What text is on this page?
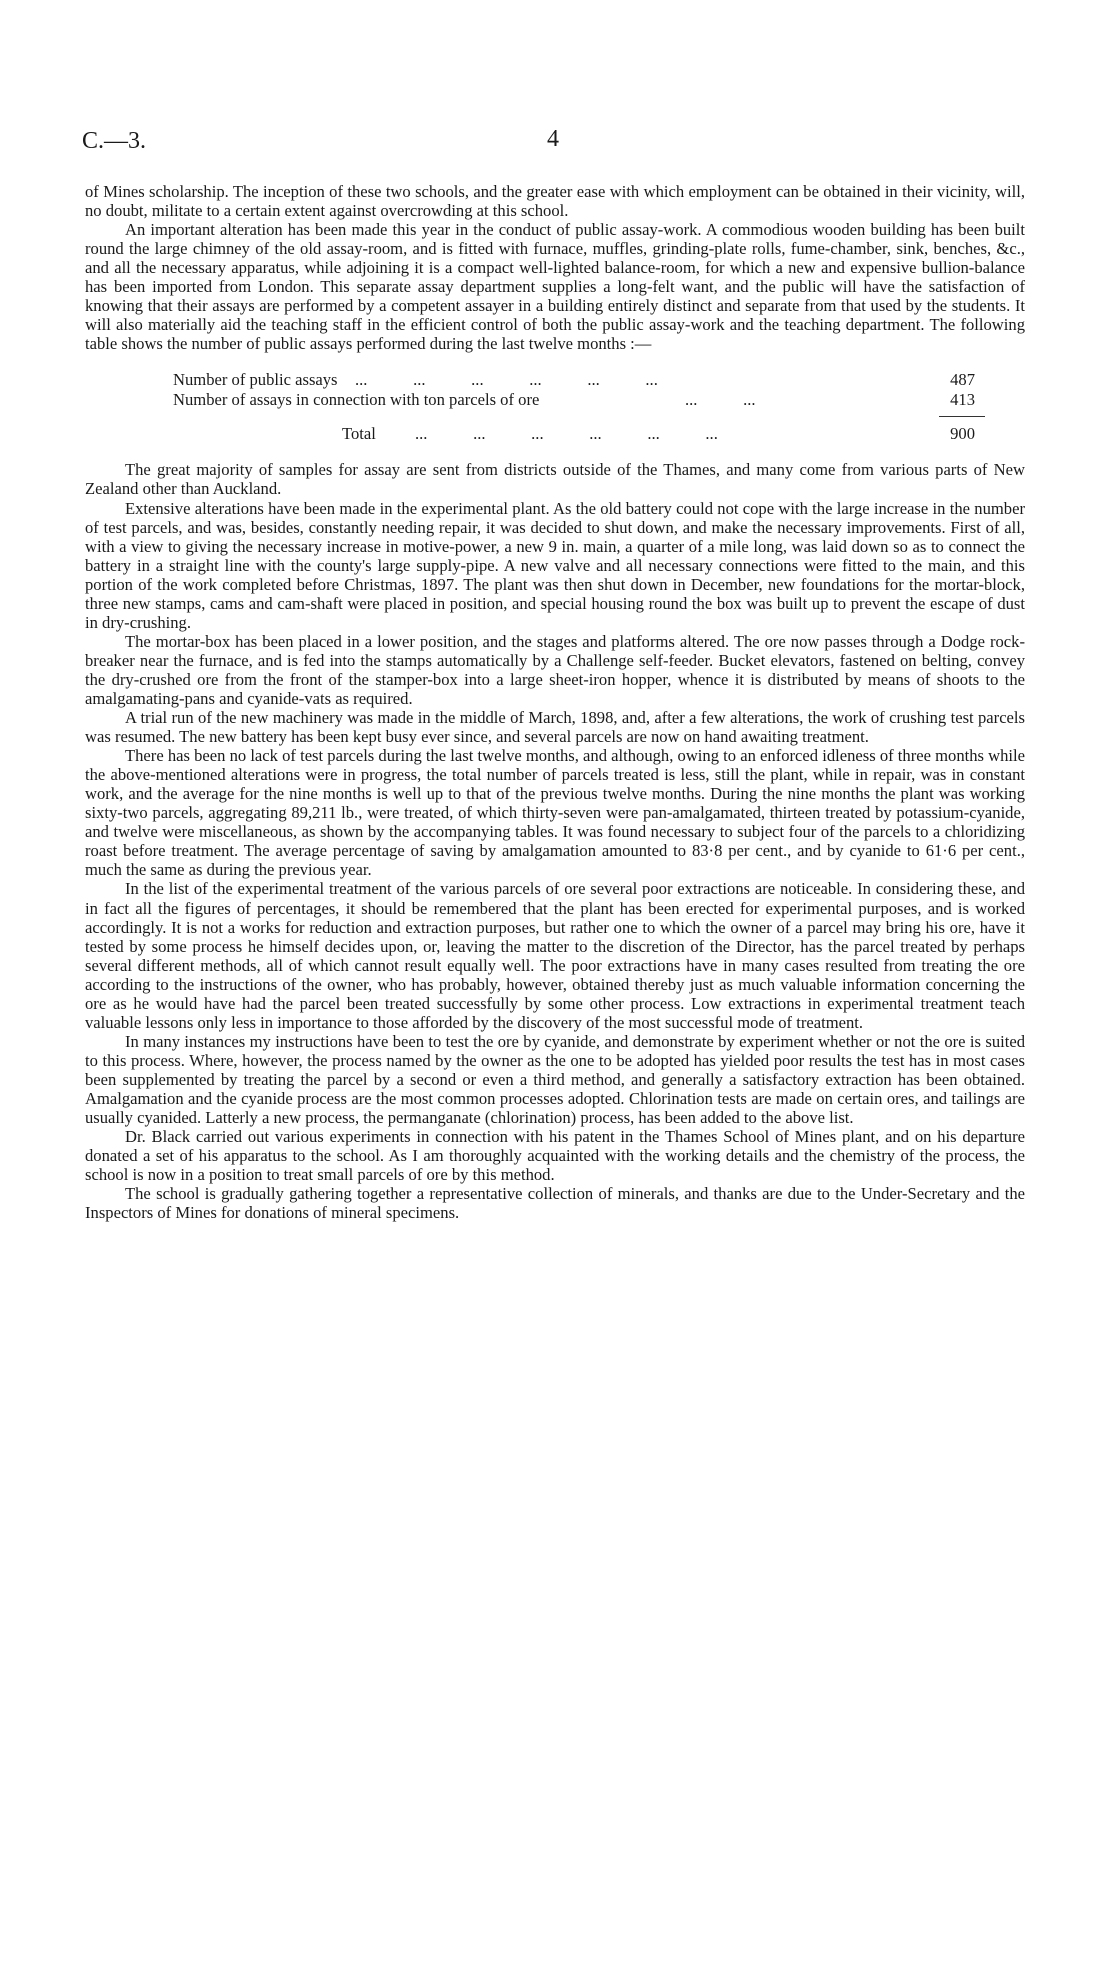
C.—3.	4

of Mines scholarship. The inception of these two schools, and the greater ease with which employment can be obtained in their vicinity, will, no doubt, militate to a certain extent against overcrowding at this school.

An important alteration has been made this year in the conduct of public assay-work. A commodious wooden building has been built round the large chimney of the old assay-room, and is fitted with furnace, muffles, grinding-plate rolls, fume-chamber, sink, benches, &c., and all the necessary apparatus, while adjoining it is a compact well-lighted balance-room, for which a new and expensive bullion-balance has been imported from London. This separate assay department supplies a long-felt want, and the public will have the satisfaction of knowing that their assays are performed by a competent assayer in a building entirely distinct and separate from that used by the students. It will also materially aid the teaching staff in the efficient control of both the public assay-work and the teaching department. The following table shows the number of public assays performed during the last twelve months :—

Number of public assays ...           ...           ...           ...           ...           ...	487
Number of assays in connection with ton parcels of ore	...           ...	413
Total ...           ...           ...           ...           ...           ...	900

The great majority of samples for assay are sent from districts outside of the Thames, and many come from various parts of New Zealand other than Auckland.

Extensive alterations have been made in the experimental plant. As the old battery could not cope with the large increase in the number of test parcels, and was, besides, constantly needing repair, it was decided to shut down, and make the necessary improvements. First of all, with a view to giving the necessary increase in motive-power, a new 9 in. main, a quarter of a mile long, was laid down so as to connect the battery in a straight line with the county's large supply-pipe. A new valve and all necessary connections were fitted to the main, and this portion of the work completed before Christmas, 1897. The plant was then shut down in December, new foundations for the mortar-block, three new stamps, cams and cam-shaft were placed in position, and special housing round the box was built up to prevent the escape of dust in dry-crushing.

The mortar-box has been placed in a lower position, and the stages and platforms altered. The ore now passes through a Dodge rock-breaker near the furnace, and is fed into the stamps automatically by a Challenge self-feeder. Bucket elevators, fastened on belting, convey the dry-crushed ore from the front of the stamper-box into a large sheet-iron hopper, whence it is distributed by means of shoots to the amalgamating-pans and cyanide-vats as required.

A trial run of the new machinery was made in the middle of March, 1898, and, after a few alterations, the work of crushing test parcels was resumed. The new battery has been kept busy ever since, and several parcels are now on hand awaiting treatment.

There has been no lack of test parcels during the last twelve months, and although, owing to an enforced idleness of three months while the above-mentioned alterations were in progress, the total number of parcels treated is less, still the plant, while in repair, was in constant work, and the average for the nine months is well up to that of the previous twelve months. During the nine months the plant was working sixty-two parcels, aggregating 89,211 lb., were treated, of which thirty-seven were pan-amalgamated, thirteen treated by potassium-cyanide, and twelve were miscellaneous, as shown by the accompanying tables. It was found necessary to subject four of the parcels to a chloridizing roast before treatment. The average percentage of saving by amalgamation amounted to 83·8 per cent., and by cyanide to 61·6 per cent., much the same as during the previous year.

In the list of the experimental treatment of the various parcels of ore several poor extractions are noticeable. In considering these, and in fact all the figures of percentages, it should be remembered that the plant has been erected for experimental purposes, and is worked accordingly. It is not a works for reduction and extraction purposes, but rather one to which the owner of a parcel may bring his ore, have it tested by some process he himself decides upon, or, leaving the matter to the discretion of the Director, has the parcel treated by perhaps several different methods, all of which cannot result equally well. The poor extractions have in many cases resulted from treating the ore according to the instructions of the owner, who has probably, however, obtained thereby just as much valuable information concerning the ore as he would have had the parcel been treated successfully by some other process. Low extractions in experimental treatment teach valuable lessons only less in importance to those afforded by the discovery of the most successful mode of treatment.

In many instances my instructions have been to test the ore by cyanide, and demonstrate by experiment whether or not the ore is suited to this process. Where, however, the process named by the owner as the one to be adopted has yielded poor results the test has in most cases been supplemented by treating the parcel by a second or even a third method, and generally a satisfactory extraction has been obtained. Amalgamation and the cyanide process are the most common processes adopted. Chlorination tests are made on certain ores, and tailings are usually cyanided. Latterly a new process, the permanganate (chlorination) process, has been added to the above list.

Dr. Black carried out various experiments in connection with his patent in the Thames School of Mines plant, and on his departure donated a set of his apparatus to the school. As I am thoroughly acquainted with the working details and the chemistry of the process, the school is now in a position to treat small parcels of ore by this method.

The school is gradually gathering together a representative collection of minerals, and thanks are due to the Under-Secretary and the Inspectors of Mines for donations of mineral specimens.
